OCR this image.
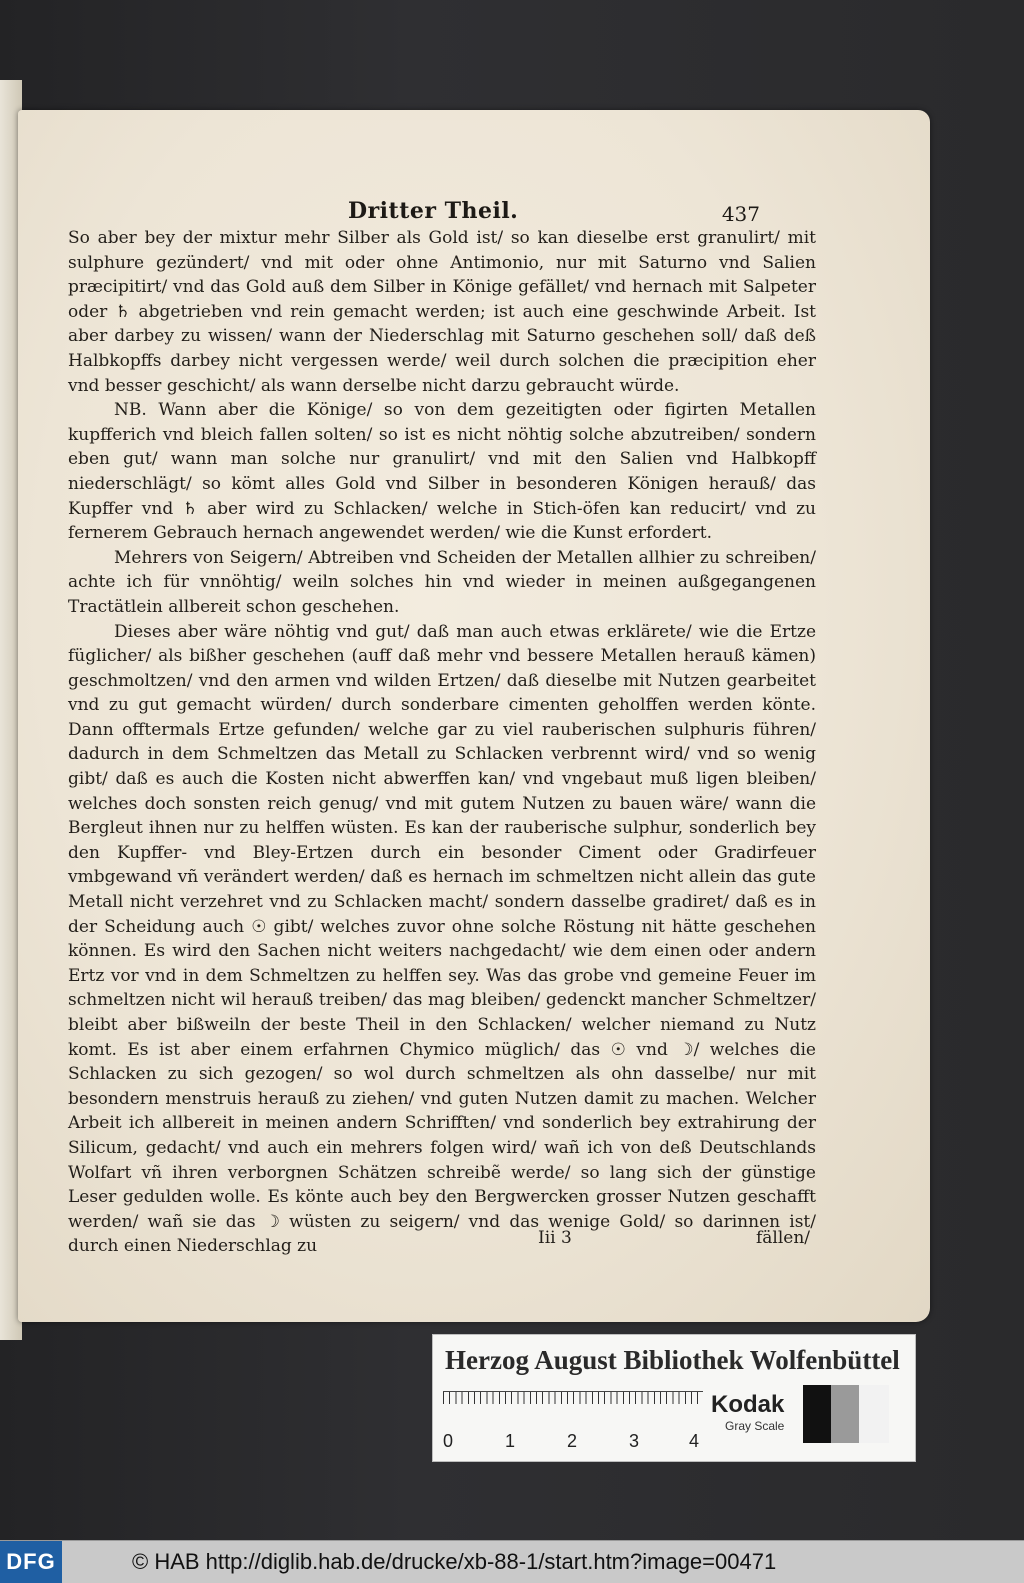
Dritter Theil.	437

So aber bey der mixtur mehr Silber als Gold ist/ so kan dieselbe erst granulirt/ mit sulphure gezündert/ vnd mit oder ohne Antimonio, nur mit Saturno vnd Salien præcipitirt/ vnd das Gold auß dem Silber in Könige gefället/ vnd hernach mit Salpeter oder ♄ abgetrieben vnd rein gemacht werden; ist auch eine geschwinde Arbeit. Ist aber darbey zu wissen/ wann der Niederschlag mit Saturno geschehen soll/ daß deß Halbkopffs darbey nicht vergessen werde/ weil durch solchen die præcipition eher vnd besser geschicht/ als wann derselbe nicht darzu gebraucht würde.

NB. Wann aber die Könige/ so von dem gezeitigten oder figirten Metallen kupfferich vnd bleich fallen solten/ so ist es nicht nöhtig solche abzutreiben/ sondern eben gut/ wann man solche nur granulirt/ vnd mit den Salien vnd Halbkopff niederschlägt/ so kömt alles Gold vnd Silber in besonderen Königen herauß/ das Kupffer vnd ♄ aber wird zu Schlacken/ welche in Stich-öfen kan reducirt/ vnd zu fernerem Gebrauch hernach angewendet werden/ wie die Kunst erfordert.

Mehrers von Seigern/ Abtreiben vnd Scheiden der Metallen allhier zu schreiben/ achte ich für vnnöhtig/ weiln solches hin vnd wieder in meinen außgegangenen Tractätlein allbereit schon geschehen.

Dieses aber wäre nöhtig vnd gut/ daß man auch etwas erklärete/ wie die Ertze füglicher/ als bißher geschehen (auff daß mehr vnd bessere Metallen herauß kämen) geschmoltzen/ vnd den armen vnd wilden Ertzen/ daß dieselbe mit Nutzen gearbeitet vnd zu gut gemacht würden/ durch sonderbare cimenten geholffen werden könte. Dann offtermals Ertze gefunden/ welche gar zu viel rauberischen sulphuris führen/ dadurch in dem Schmeltzen das Metall zu Schlacken verbrennt wird/ vnd so wenig gibt/ daß es auch die Kosten nicht abwerffen kan/ vnd vngebaut muß ligen bleiben/ welches doch sonsten reich genug/ vnd mit gutem Nutzen zu bauen wäre/ wann die Bergleut ihnen nur zu helffen wüsten. Es kan der rauberische sulphur, sonderlich bey den Kupffer- vnd Bley-Ertzen durch ein besonder Ciment oder Gradirfeuer vmbgewand vñ verändert werden/ daß es hernach im schmeltzen nicht allein das gute Metall nicht verzehret vnd zu Schlacken macht/ sondern dasselbe gradiret/ daß es in der Scheidung auch ☉ gibt/ welches zuvor ohne solche Röstung nit hätte geschehen können. Es wird den Sachen nicht weiters nachgedacht/ wie dem einen oder andern Ertz vor vnd in dem Schmeltzen zu helffen sey. Was das grobe vnd gemeine Feuer im schmeltzen nicht wil herauß treiben/ das mag bleiben/ gedenckt mancher Schmeltzer/ bleibt aber bißweiln der beste Theil in den Schlacken/ welcher niemand zu Nutz komt. Es ist aber einem erfahrnen Chymico müglich/ das ☉ vnd ☽/ welches die Schlacken zu sich gezogen/ so wol durch schmeltzen als ohn dasselbe/ nur mit besondern menstruis herauß zu ziehen/ vnd guten Nutzen damit zu machen. Welcher Arbeit ich allbereit in meinen andern Schrifften/ vnd sonderlich bey extrahirung der Silicum, gedacht/ vnd auch ein mehrers folgen wird/ wañ ich von deß Deutschlands Wolfart vñ ihren verborgnen Schätzen schreibẽ werde/ so lang sich der günstige Leser gedulden wolle. Es könte auch bey den Bergwercken grosser Nutzen geschafft werden/ wañ sie das ☽ wüsten zu seigern/ vnd das wenige Gold/ so darinnen ist/ durch einen Niederschlag zu	Iii 3	fällen/
Herzog August Bibliothek Wolfenbüttel
0	1	2	3	4
Kodak
Gray Scale
DFG	© HAB http://diglib.hab.de/drucke/xb-88-1/start.htm?image=00471
